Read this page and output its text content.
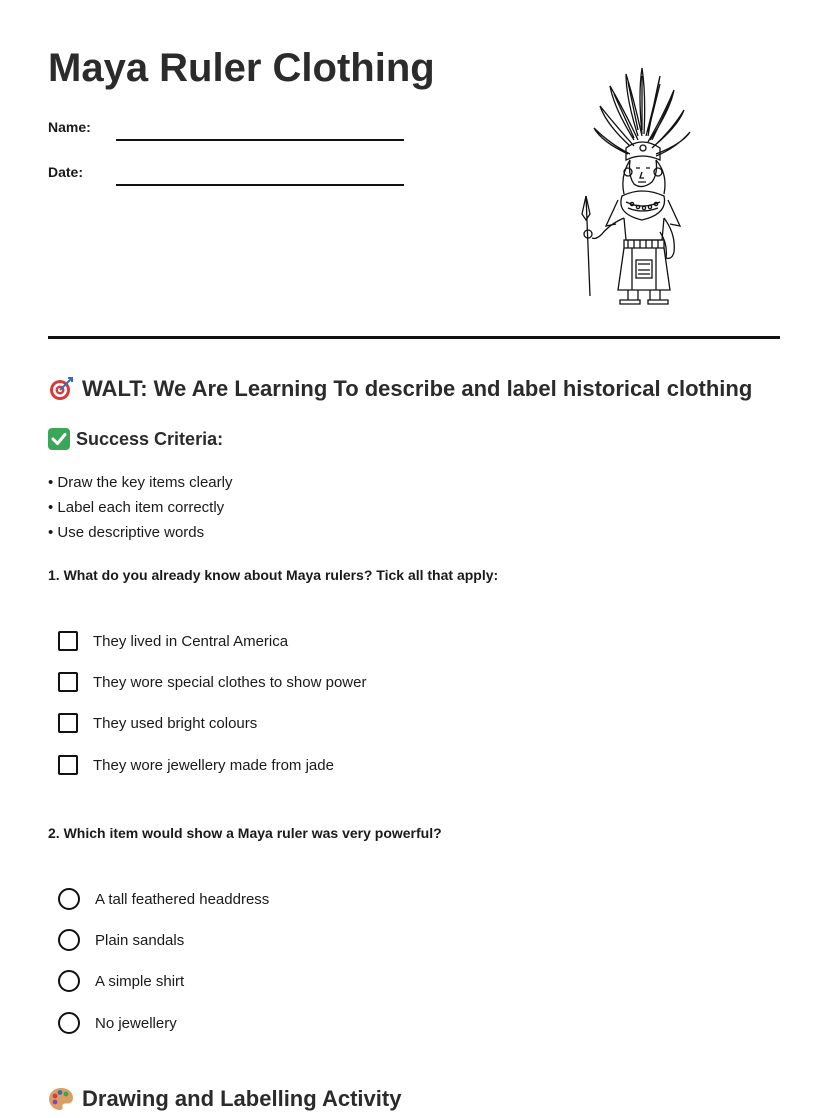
Maya Ruler Clothing
Name:
Date:
WALT: We Are Learning To describe and label historical clothing
Success Criteria:
• Draw the key items clearly
• Label each item correctly
• Use descriptive words
1. What do you already know about Maya rulers? Tick all that apply:
They lived in Central America
They wore special clothes to show power
They used bright colours
They wore jewellery made from jade
2. Which item would show a Maya ruler was very powerful?
A tall feathered headdress
Plain sandals
A simple shirt
No jewellery
Drawing and Labelling Activity
